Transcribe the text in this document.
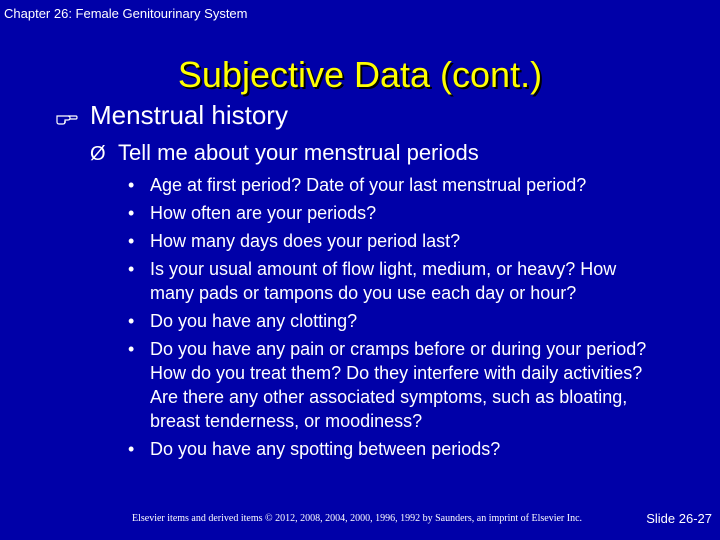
Chapter 26: Female Genitourinary System
Subjective Data (cont.)
Menstrual history
Ø Tell me about your menstrual periods
• Age at first period? Date of your last menstrual period?
• How often are your periods?
• How many days does your period last?
• Is your usual amount of flow light, medium, or heavy? How many pads or tampons do you use each day or hour?
• Do you have any clotting?
• Do you have any pain or cramps before or during your period? How do you treat them? Do they interfere with daily activities? Are there any other associated symptoms, such as bloating, breast tenderness, or moodiness?
• Do you have any spotting between periods?
Elsevier items and derived items © 2012, 2008, 2004, 2000, 1996, 1992 by Saunders, an imprint of Elsevier Inc.	Slide 26-27
